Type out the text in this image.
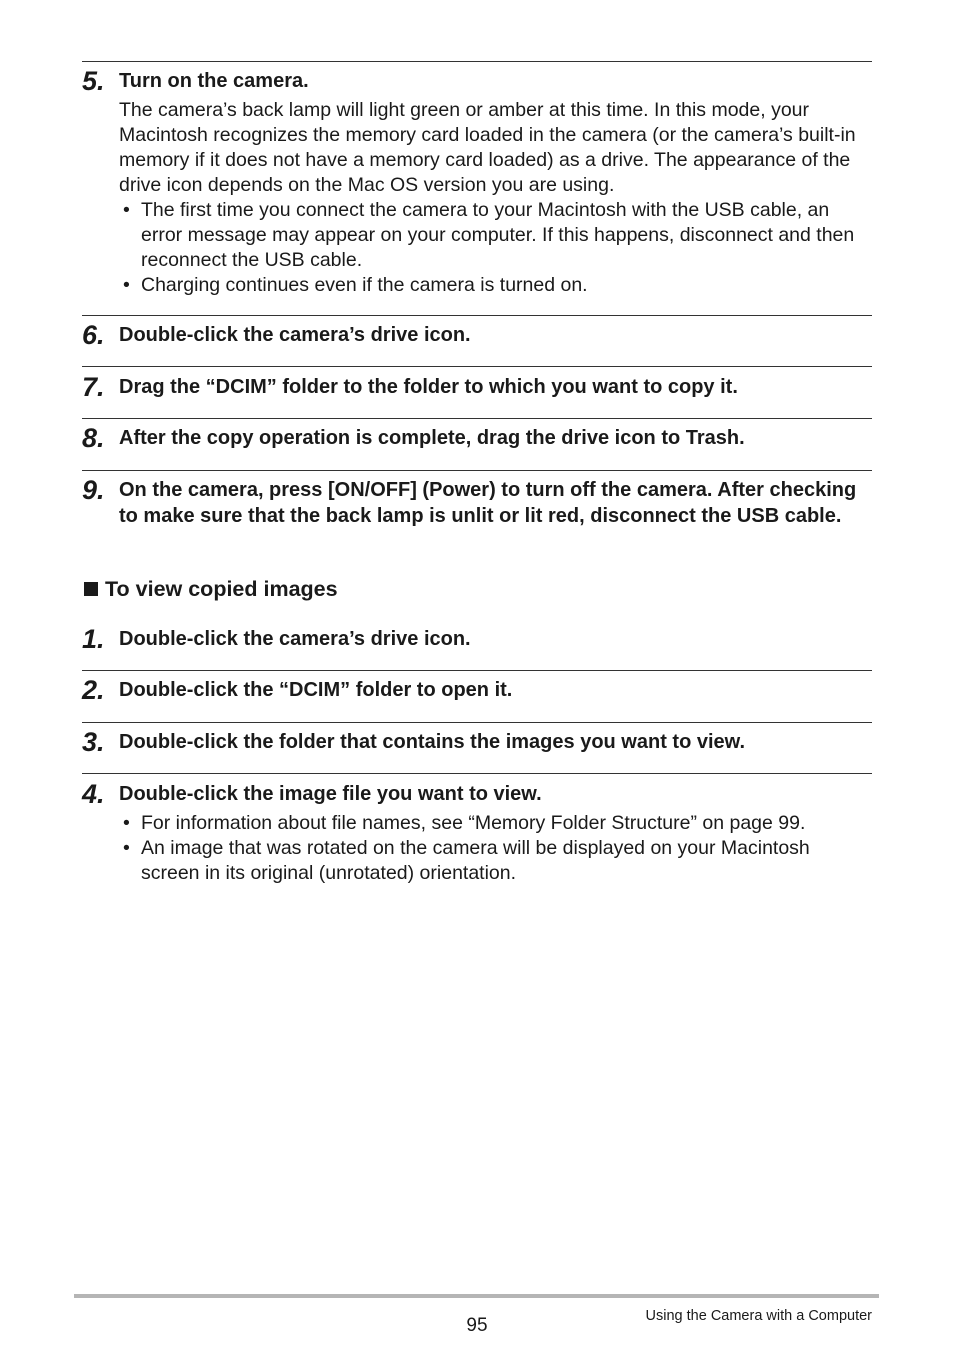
5. Turn on the camera.
The camera’s back lamp will light green or amber at this time. In this mode, your Macintosh recognizes the memory card loaded in the camera (or the camera’s built-in memory if it does not have a memory card loaded) as a drive. The appearance of the drive icon depends on the Mac OS version you are using.
• The first time you connect the camera to your Macintosh with the USB cable, an error message may appear on your computer. If this happens, disconnect and then reconnect the USB cable.
• Charging continues even if the camera is turned on.
6. Double-click the camera’s drive icon.
7. Drag the “DCIM” folder to the folder to which you want to copy it.
8. After the copy operation is complete, drag the drive icon to Trash.
9. On the camera, press [ON/OFF] (Power) to turn off the camera. After checking to make sure that the back lamp is unlit or lit red, disconnect the USB cable.
To view copied images
1. Double-click the camera’s drive icon.
2. Double-click the “DCIM” folder to open it.
3. Double-click the folder that contains the images you want to view.
4. Double-click the image file you want to view.
• For information about file names, see “Memory Folder Structure” on page 99.
• An image that was rotated on the camera will be displayed on your Macintosh screen in its original (unrotated) orientation.
95	Using the Camera with a Computer
